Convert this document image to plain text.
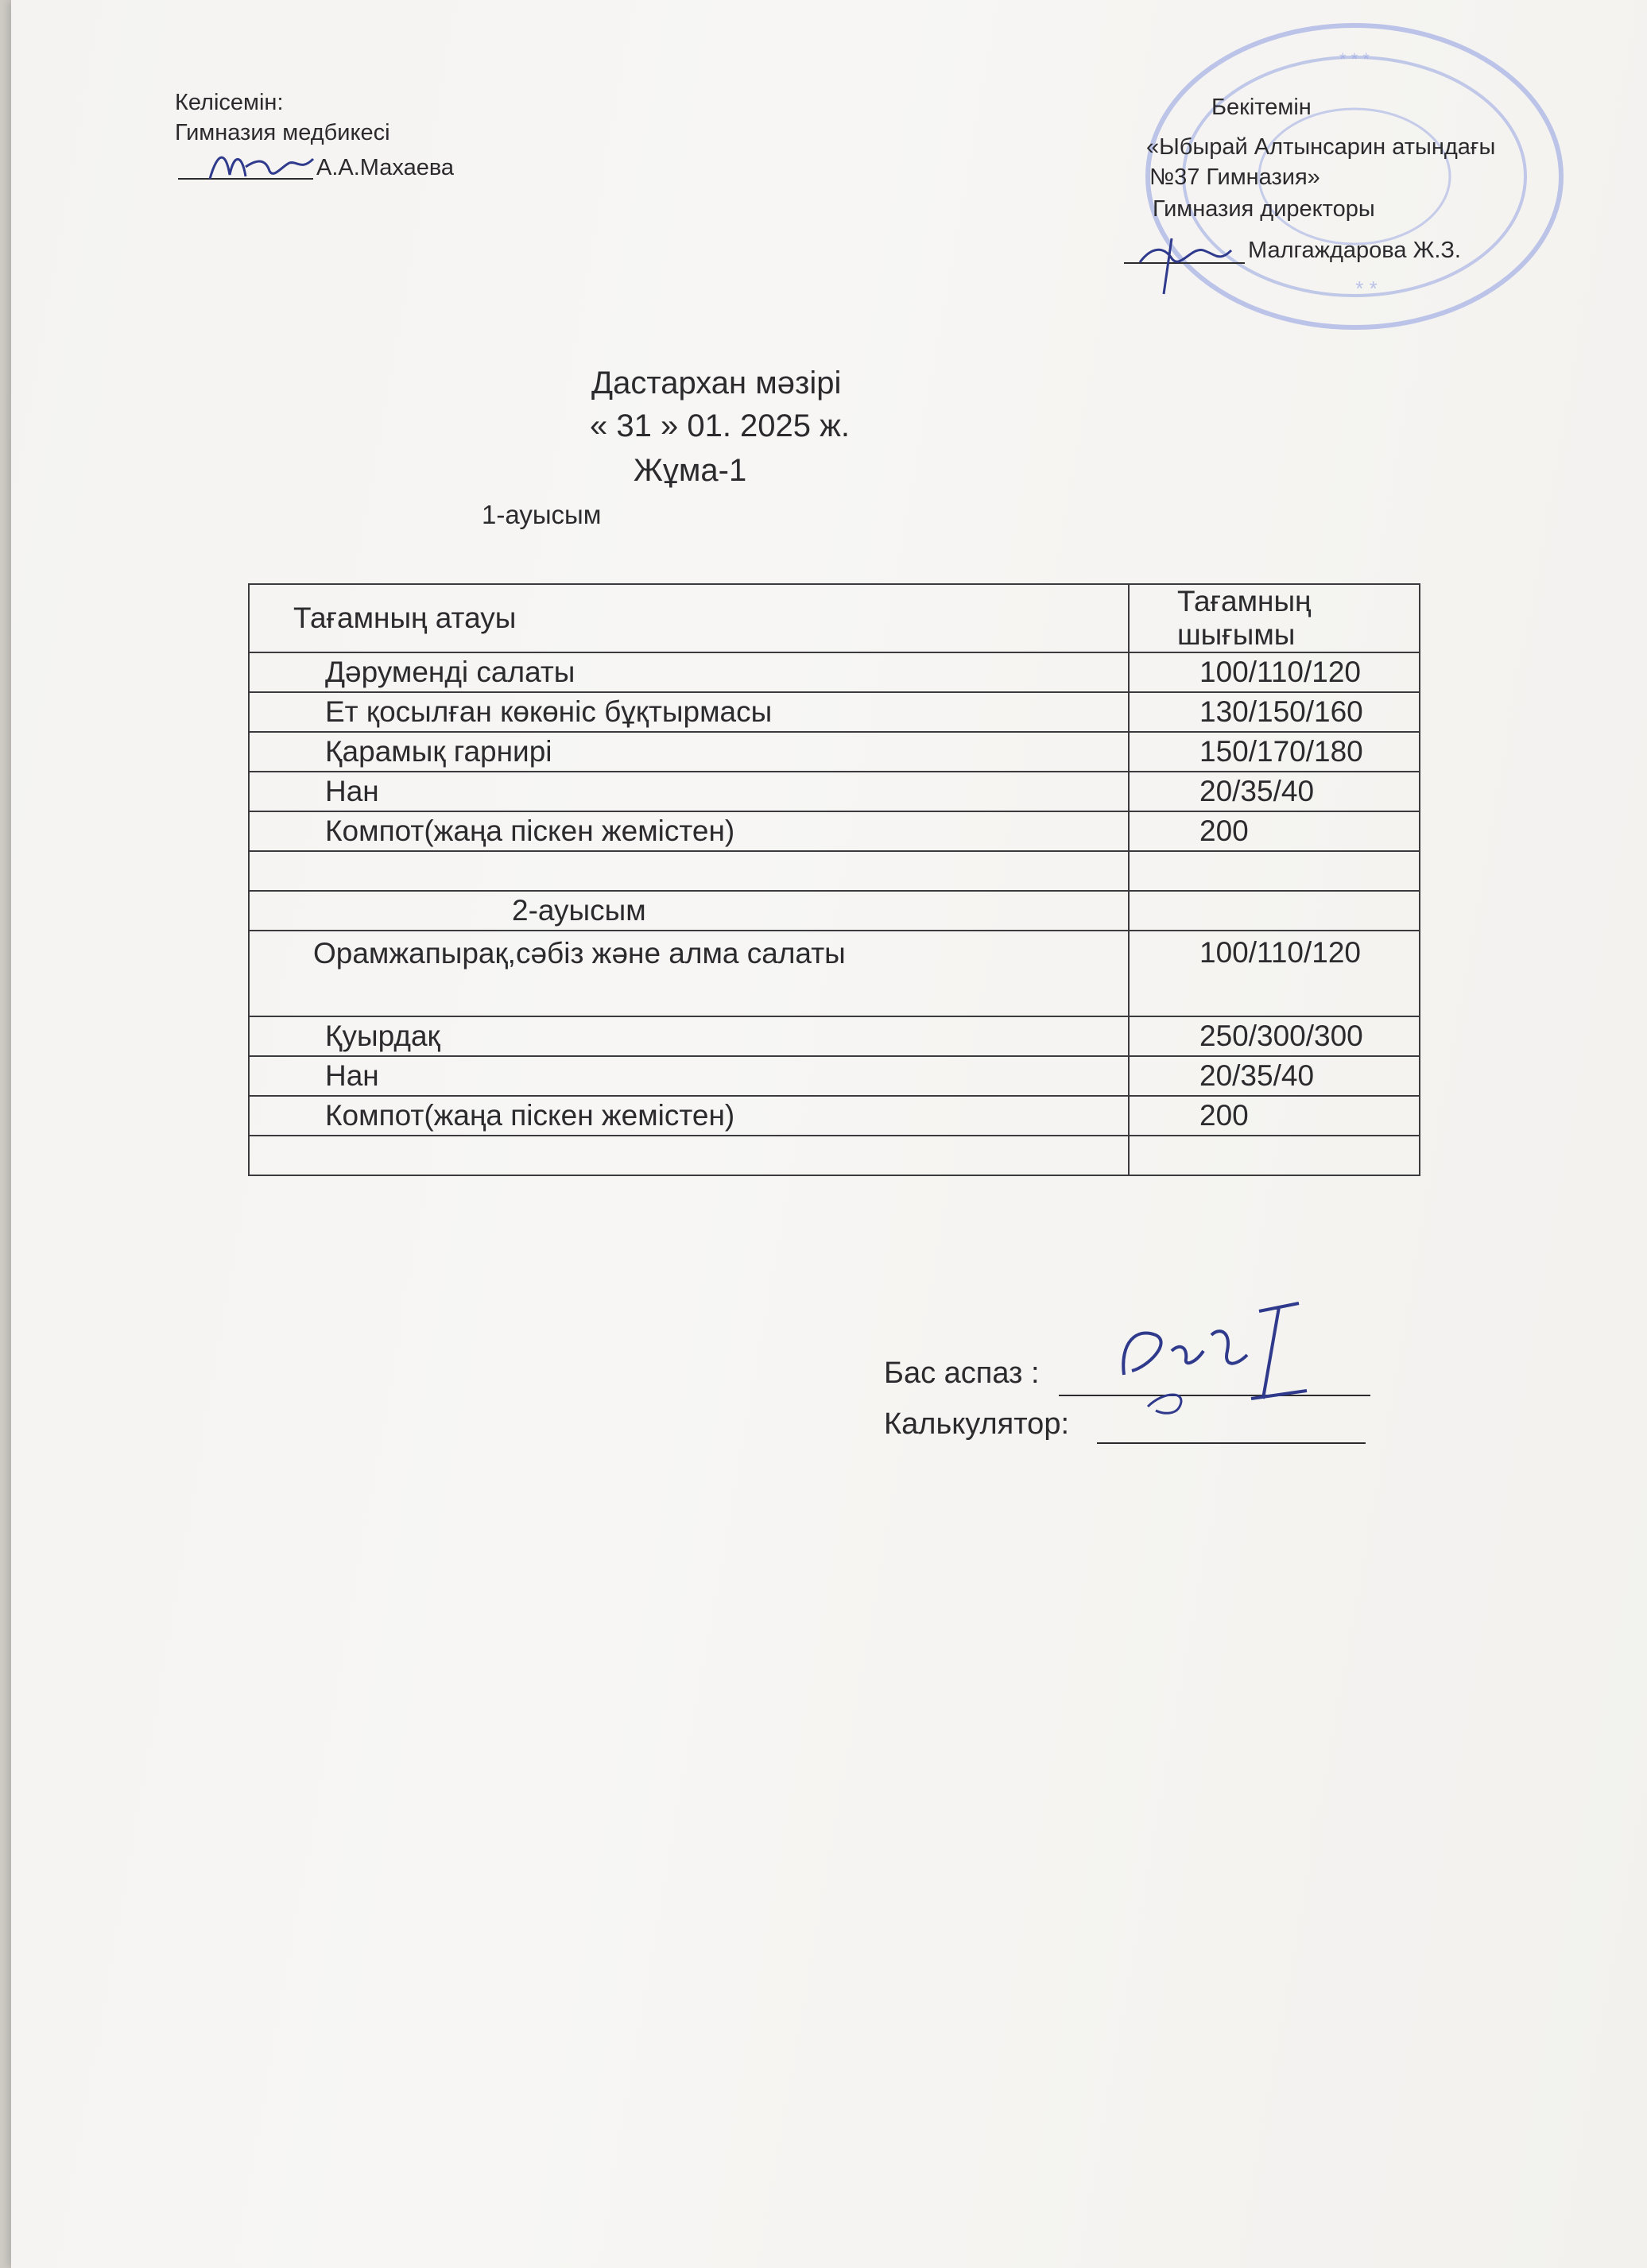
Келісемін:
Гимназия медбикесі
А.А.Махаева
* * *
* *
Бекітемін
«Ыбырай Алтынсарин атындағы
№37 Гимназия»
Гимназия директоры
Малгаждарова Ж.З.
Дастархан мәзірі
« 31 » 01. 2025 ж.
Жұма-1
1-ауысым
Тағамның атауы	Тағамның шығымы
Дәруменді салаты	100/110/120
Ет қосылған көкөніс бұқтырмасы	130/150/160
Қарамық гарнирі	150/170/180
Нан	20/35/40
Компот(жаңа піскен жемістен)	200

2-ауысым	
Орамжапырақ,сәбіз және алма салаты	100/110/120
Қуырдақ	250/300/300
Нан	20/35/40
Компот(жаңа піскен жемістен)	200

Бас аспаз :
Калькулятор:
